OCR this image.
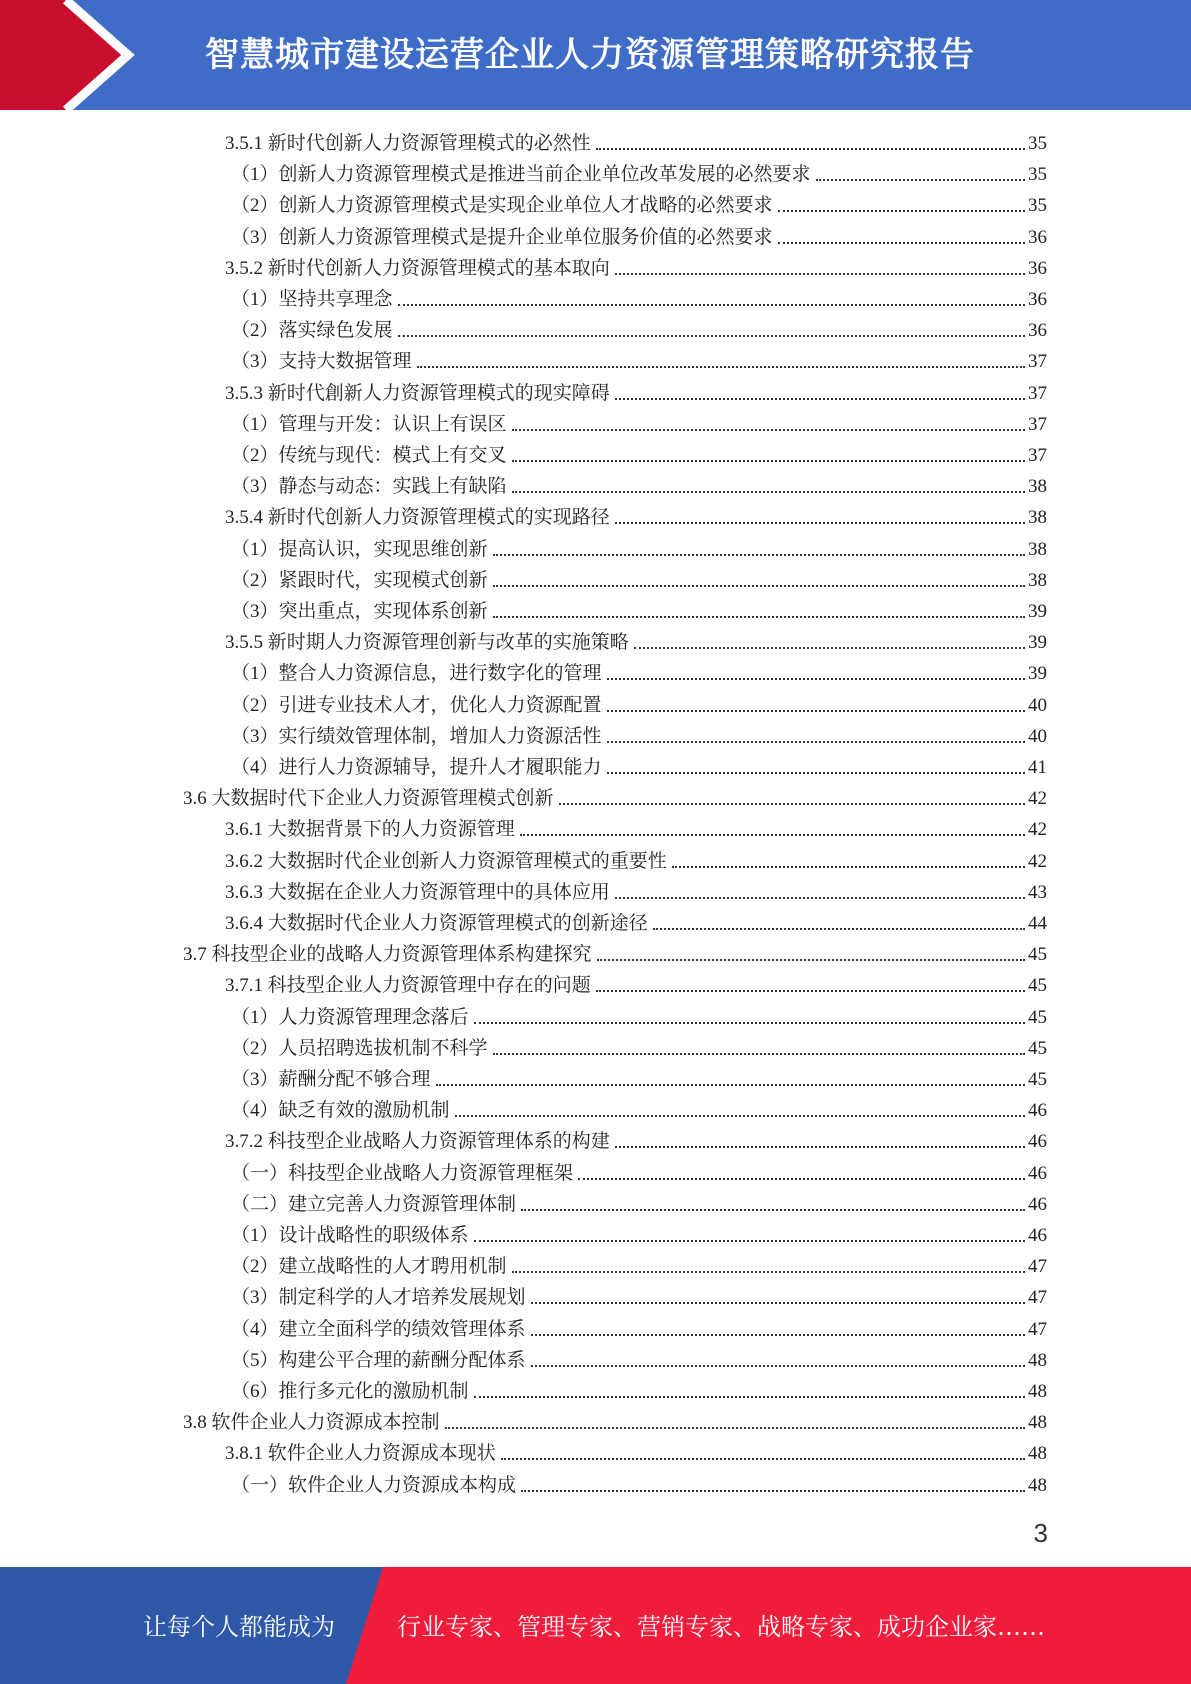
智慧城市建设运营企业人力资源管理策略研究报告
3.5.1 新时代创新人力资源管理模式的必然性	35
（1）创新人力资源管理模式是推进当前企业单位改革发展的必然要求	35
（2）创新人力资源管理模式是实现企业单位人才战略的必然要求	35
（3）创新人力资源管理模式是提升企业单位服务价值的必然要求	36
3.5.2 新时代创新人力资源管理模式的基本取向	36
（1）坚持共享理念	36
（2）落实绿色发展	36
（3）支持大数据管理	37
3.5.3 新时代創新人力资源管理模式的现实障碍	37
（1）管理与开发：认识上有误区	37
（2）传统与现代：模式上有交叉	37
（3）静态与动态：实践上有缺陷	38
3.5.4 新时代创新人力资源管理模式的实现路径	38
（1）提高认识，实现思维创新	38
（2）紧跟时代，实现模式创新	38
（3）突出重点，实现体系创新	39
3.5.5 新时期人力资源管理创新与改革的实施策略	39
（1）整合人力资源信息，进行数字化的管理	39
（2）引进专业技术人才，优化人力资源配置	40
（3）实行绩效管理体制，增加人力资源活性	40
（4）进行人力资源辅导，提升人才履职能力	41
3.6 大数据时代下企业人力资源管理模式创新	42
3.6.1 大数据背景下的人力资源管理	42
3.6.2 大数据时代企业创新人力资源管理模式的重要性	42
3.6.3 大数据在企业人力资源管理中的具体应用	43
3.6.4 大数据时代企业人力资源管理模式的创新途径	44
3.7 科技型企业的战略人力资源管理体系构建探究	45
3.7.1 科技型企业人力资源管理中存在的问题	45
（1）人力资源管理理念落后	45
（2）人员招聘选拔机制不科学	45
（3）薪酬分配不够合理	45
（4）缺乏有效的激励机制	46
3.7.2 科技型企业战略人力资源管理体系的构建	46
（一）科技型企业战略人力资源管理框架	46
（二）建立完善人力资源管理体制	46
（1）设计战略性的职级体系	46
（2）建立战略性的人才聘用机制	47
（3）制定科学的人才培养发展规划	47
（4）建立全面科学的绩效管理体系	47
（5）构建公平合理的薪酬分配体系	48
（6）推行多元化的激励机制	48
3.8 软件企业人力资源成本控制	48
3.8.1 软件企业人力资源成本现状	48
（一）软件企业人力资源成本构成	48
3
让每个人都能成为	行业专家、管理专家、营销专家、战略专家、成功企业家……
